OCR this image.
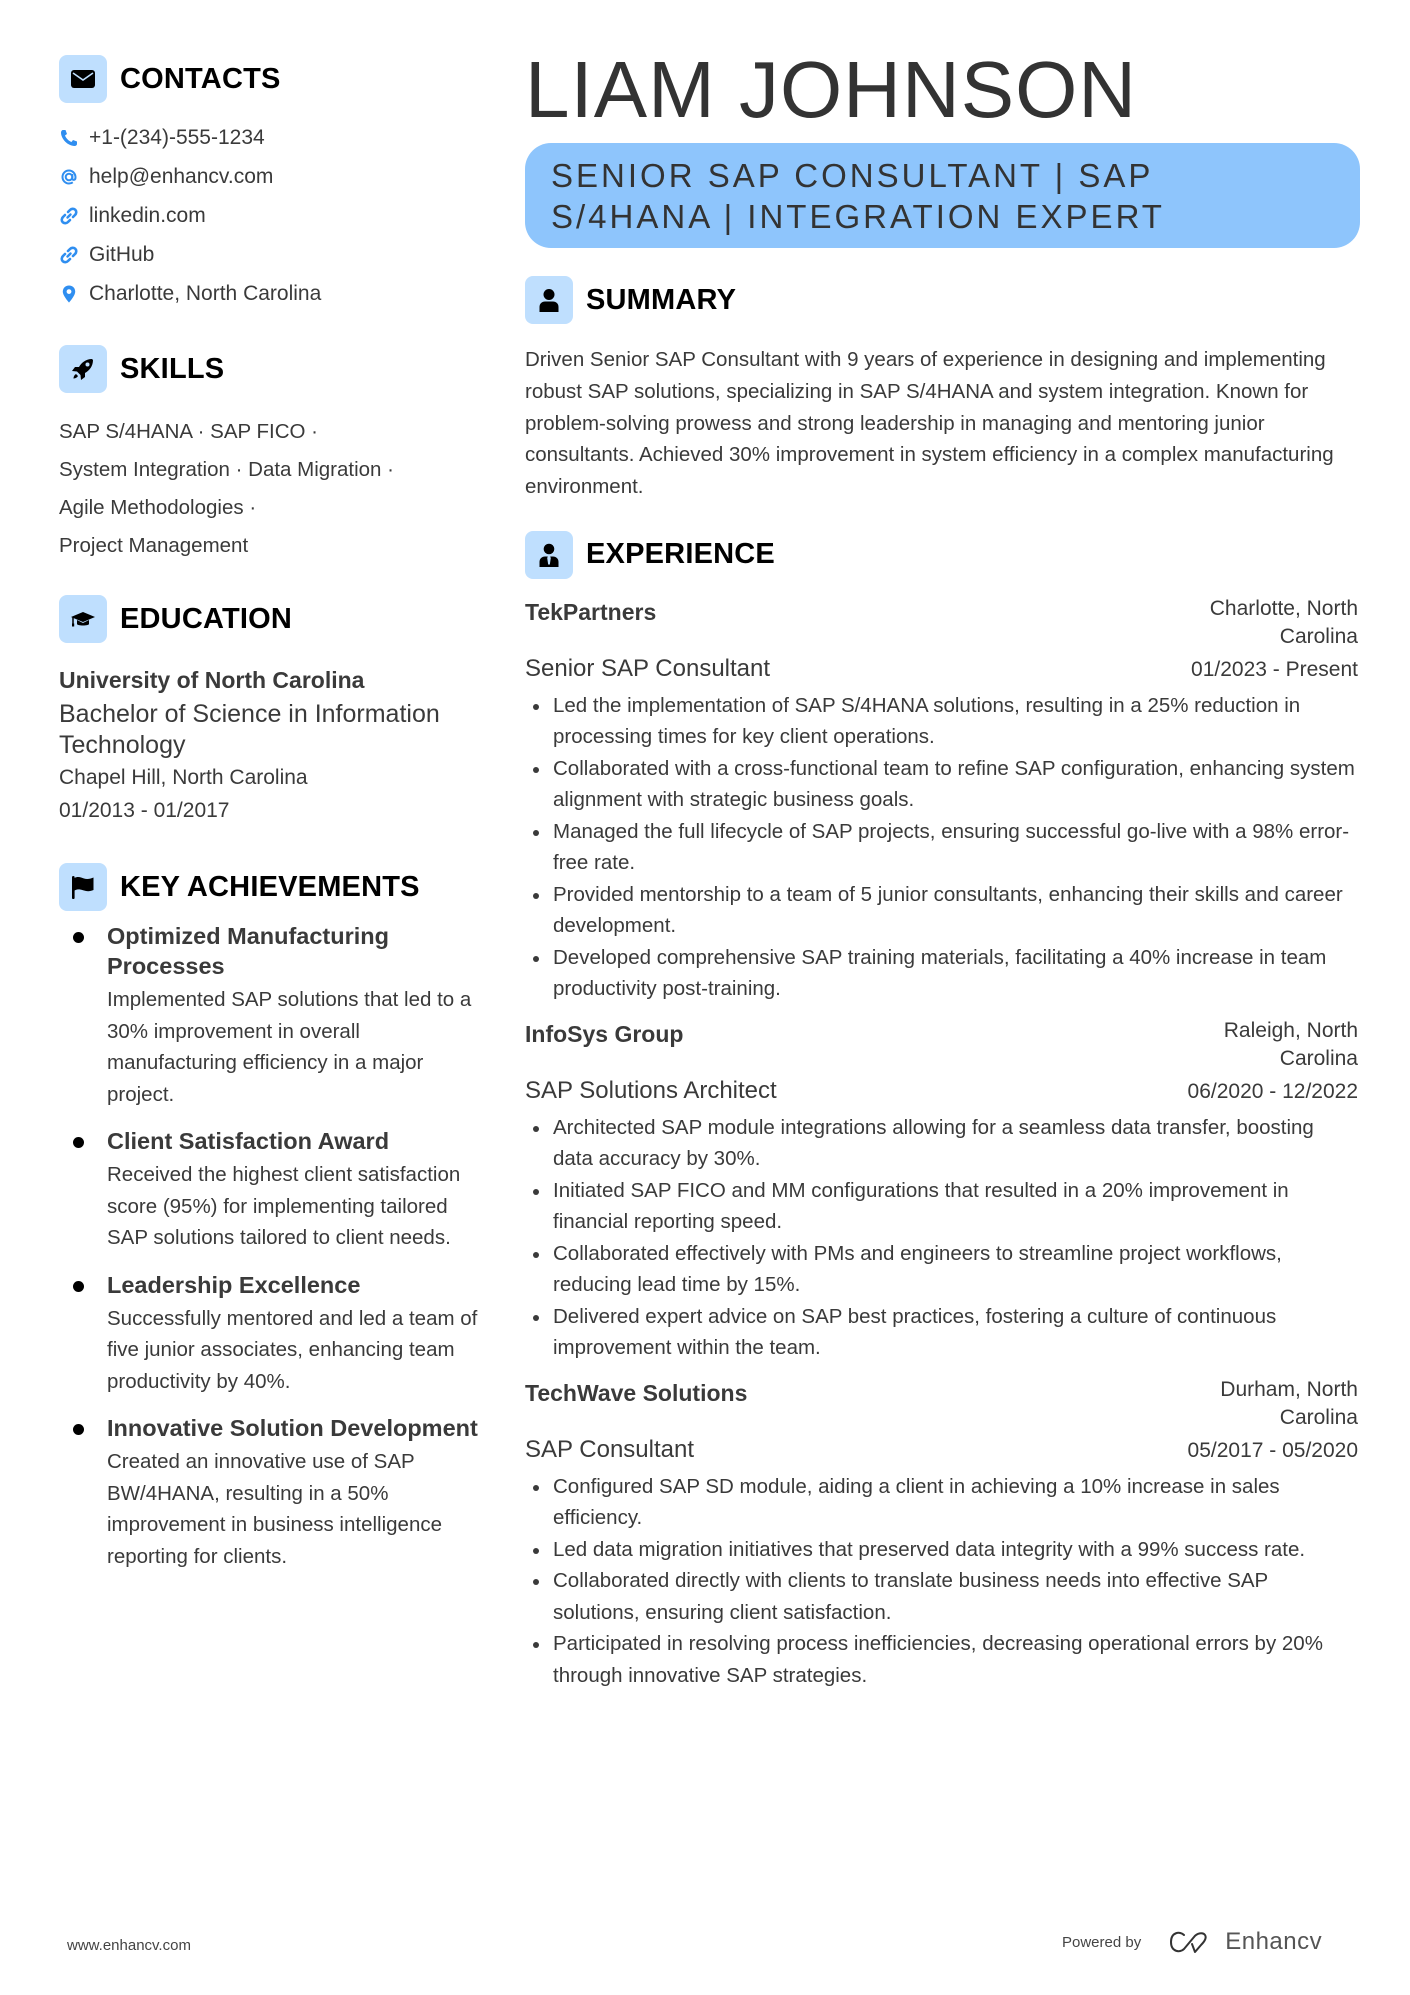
CONTACTS
+1-(234)-555-1234
help@enhancv.com
linkedin.com
GitHub
Charlotte, North Carolina
SKILLS
SAP S/4HANA · SAP FICO ·
System Integration · Data Migration ·
Agile Methodologies ·
Project Management
EDUCATION
University of North Carolina
Bachelor of Science in Information Technology
Chapel Hill, North Carolina
01/2013 - 01/2017
KEY ACHIEVEMENTS
Optimized Manufacturing Processes
Implemented SAP solutions that led to a 30% improvement in overall manufacturing efficiency in a major project.
Client Satisfaction Award
Received the highest client satisfaction score (95%) for implementing tailored SAP solutions tailored to client needs.
Leadership Excellence
Successfully mentored and led a team of five junior associates, enhancing team productivity by 40%.
Innovative Solution Development
Created an innovative use of SAP BW/4HANA, resulting in a 50% improvement in business intelligence reporting for clients.
LIAM JOHNSON
SENIOR SAP CONSULTANT | SAP
S/4HANA | INTEGRATION EXPERT
SUMMARY

Driven Senior SAP Consultant with 9 years of experience in designing and implementing robust SAP solutions, specializing in SAP S/4HANA and system integration. Known for problem-solving prowess and strong leadership in managing and mentoring junior consultants. Achieved 30% improvement in system efficiency in a complex manufacturing environment.

EXPERIENCE
TekPartners	Charlotte, North Carolina
Senior SAP Consultant	01/2023 - Present
Led the implementation of SAP S/4HANA solutions, resulting in a 25% reduction in processing times for key client operations.
Collaborated with a cross-functional team to refine SAP configuration, enhancing system alignment with strategic business goals.
Managed the full lifecycle of SAP projects, ensuring successful go-live with a 98% error-free rate.
Provided mentorship to a team of 5 junior consultants, enhancing their skills and career development.
Developed comprehensive SAP training materials, facilitating a 40% increase in team productivity post-training.
InfoSys Group	Raleigh, North Carolina
SAP Solutions Architect	06/2020 - 12/2022
Architected SAP module integrations allowing for a seamless data transfer, boosting data accuracy by 30%.
Initiated SAP FICO and MM configurations that resulted in a 20% improvement in financial reporting speed.
Collaborated effectively with PMs and engineers to streamline project workflows, reducing lead time by 15%.
Delivered expert advice on SAP best practices, fostering a culture of continuous improvement within the team.
TechWave Solutions	Durham, North Carolina
SAP Consultant	05/2017 - 05/2020
Configured SAP SD module, aiding a client in achieving a 10% increase in sales efficiency.
Led data migration initiatives that preserved data integrity with a 99% success rate.
Collaborated directly with clients to translate business needs into effective SAP solutions, ensuring client satisfaction.
Participated in resolving process inefficiencies, decreasing operational errors by 20% through innovative SAP strategies.
www.enhancv.com	Powered by	Enhancv
